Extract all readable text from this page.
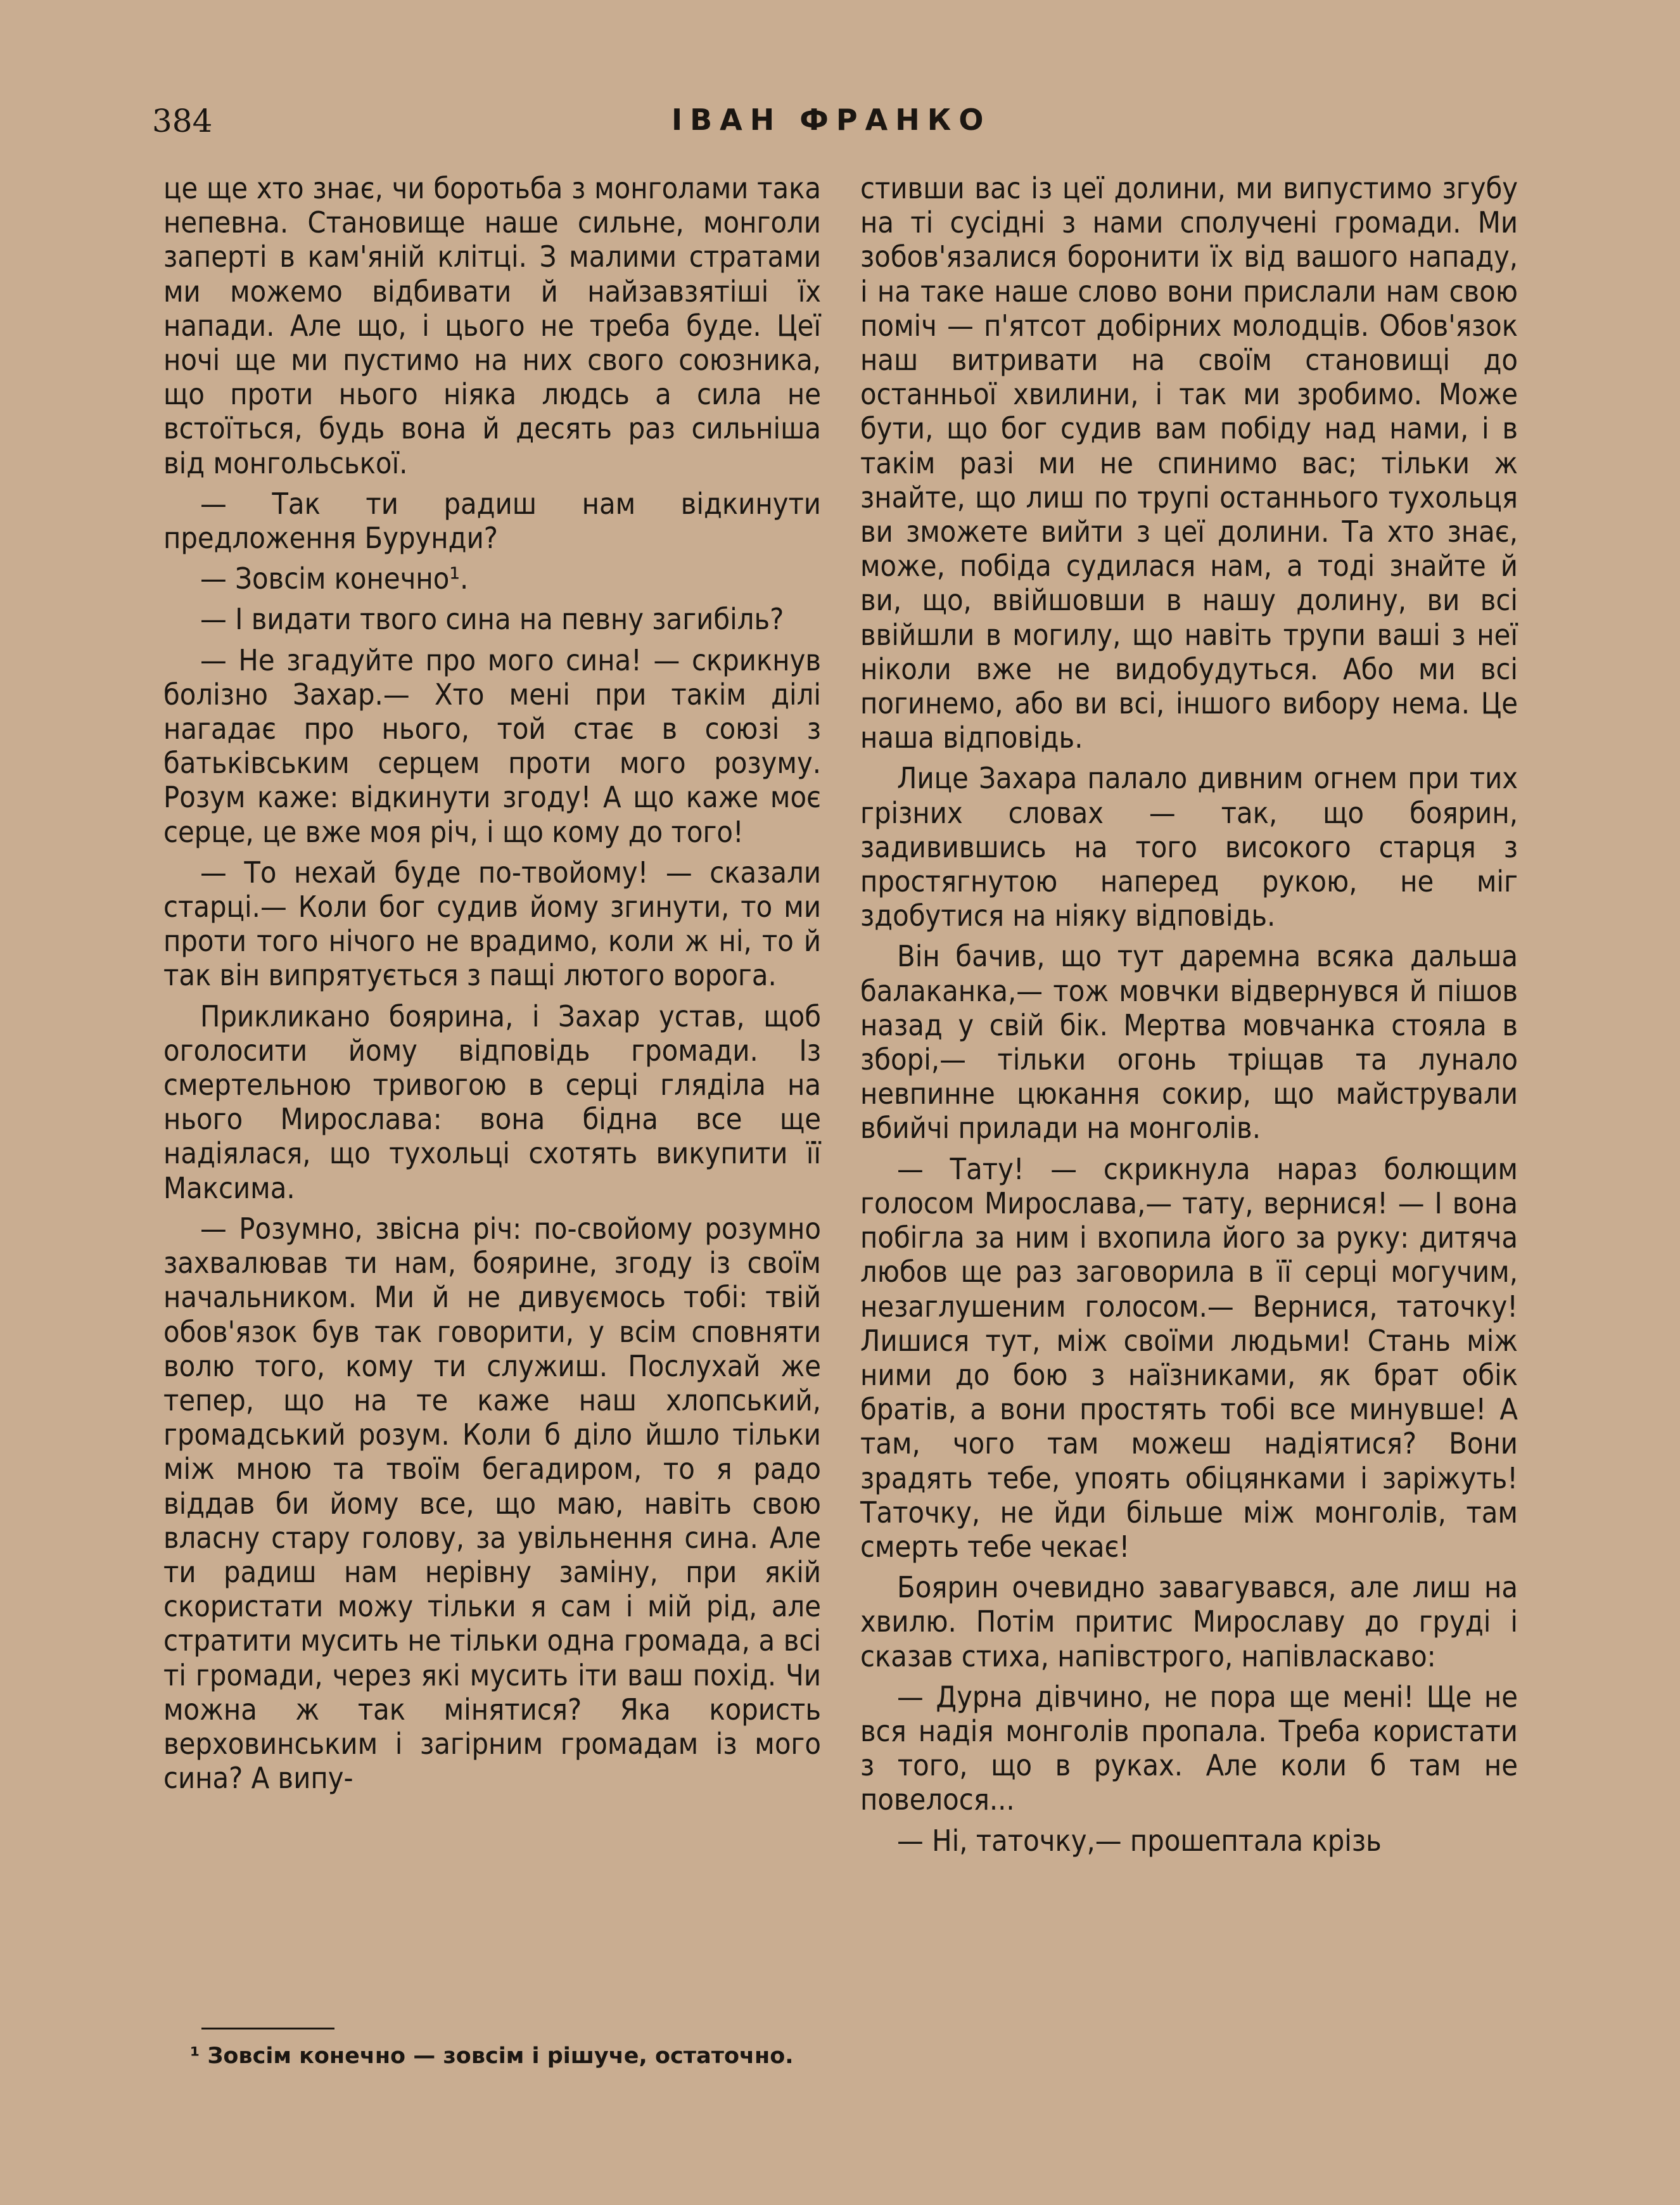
384	ІВАН ФРАНКО

це ще хто знає, чи боротьба з монголами така непевна. Становище наше сильне, монголи заперті в кам'яній клітці. З малими стратами ми можемо відбивати й найзавзятіші їх напади. Але що, і цього не треба буде. Цеї ночі ще ми пустимо на них свого союзника, що проти нього ніяка людсь а сила не встоїться, будь вона й десять раз сильніша від монгольської.

— Так ти радиш нам відкинути предложення Бурунди?

— Зовсім конечно¹.

— І видати твого сина на певну загибіль?

— Не згадуйте про мого сина! — скрикнув болізно Захар.— Хто мені при такім ділі нагадає про нього, той стає в союзі з батьківським серцем проти мого розуму. Розум каже: відкинути згоду! А що каже моє серце, це вже моя річ, і що кому до того!

— То нехай буде по-твойому! — сказали старці.— Коли бог судив йому згинути, то ми проти того нічого не врадимо, коли ж ні, то й так він випрятується з пащі лютого ворога.

Прикликано боярина, і Захар устав, щоб оголосити йому відповідь громади. Із смертельною тривогою в серці гляділа на нього Мирослава: вона бідна все ще надіялася, що тухольці схотять викупити її Максима.

— Розумно, звісна річ: по-свойому розумно захвалював ти нам, боярине, згоду із своїм начальником. Ми й не дивуємось тобі: твій обов'язок був так говорити, у всім сповняти волю того, кому ти служиш. Послухай же тепер, що на те каже наш хлопський, громадський розум. Коли б діло йшло тільки між мною та твоїм бегадиром, то я радо віддав би йому все, що маю, навіть свою власну стару голову, за увільнення сина. Але ти радиш нам нерівну заміну, при якій скористати можу тільки я сам і мій рід, але стратити мусить не тільки одна громада, а всі ті громади, через які мусить іти ваш похід. Чи можна ж так мінятися? Яка користь верховинським і загірним громадам із мого сина? А випу-

стивши вас із цеї долини, ми випустимо згубу на ті сусідні з нами сполучені громади. Ми зобов'язалися боронити їх від вашого нападу, і на таке наше слово вони прислали нам свою поміч — п'ятсот добірних молодців. Обов'язок наш витривати на своїм становищі до останньої хвилини, і так ми зробимо. Може бути, що бог судив вам побіду над нами, і в такім разі ми не спинимо вас; тільки ж знайте, що лиш по трупі останнього тухольця ви зможете вийти з цеї долини. Та хто знає, може, побіда судилася нам, а тоді знайте й ви, що, ввійшовши в нашу долину, ви всі ввійшли в могилу, що навіть трупи ваші з неї ніколи вже не видобудуться. Або ми всі погинемо, або ви всі, іншого вибору нема. Це наша відповідь.

Лице Захара палало дивним огнем при тих грізних словах — так, що боярин, задивившись на того високого старця з простягнутою наперед рукою, не міг здобутися на ніяку відповідь.

Він бачив, що тут даремна всяка дальша балаканка,— тож мовчки відвернувся й пішов назад у свій бік. Мертва мовчанка стояла в зборі,— тільки огонь тріщав та лунало невпинне цюкання сокир, що майстрували вбийчі прилади на монголів.

— Тату! — скрикнула нараз болющим голосом Мирослава,— тату, вернися! — І вона побігла за ним і вхопила його за руку: дитяча любов ще раз заговорила в її серці могучим, незаглушеним голосом.— Вернися, таточку! Лишися тут, між своїми людьми! Стань між ними до бою з наїзниками, як брат обік братів, а вони простять тобі все минувше! А там, чого там можеш надіятися? Вони зрадять тебе, упоять обіцянками і заріжуть! Таточку, не йди більше між монголів, там смерть тебе чекає!

Боярин очевидно завагувався, але лиш на хвилю. Потім притис Мирославу до груді і сказав стиха, напівстрого, напівласкаво:

— Дурна дівчино, не пора ще мені! Ще не вся надія монголів пропала. Треба користати з того, що в руках. Але коли б там не повелося...

— Ні, таточку,— прошептала крізь

¹ Зовсім конечно — зовсім і рішуче, остаточно.
